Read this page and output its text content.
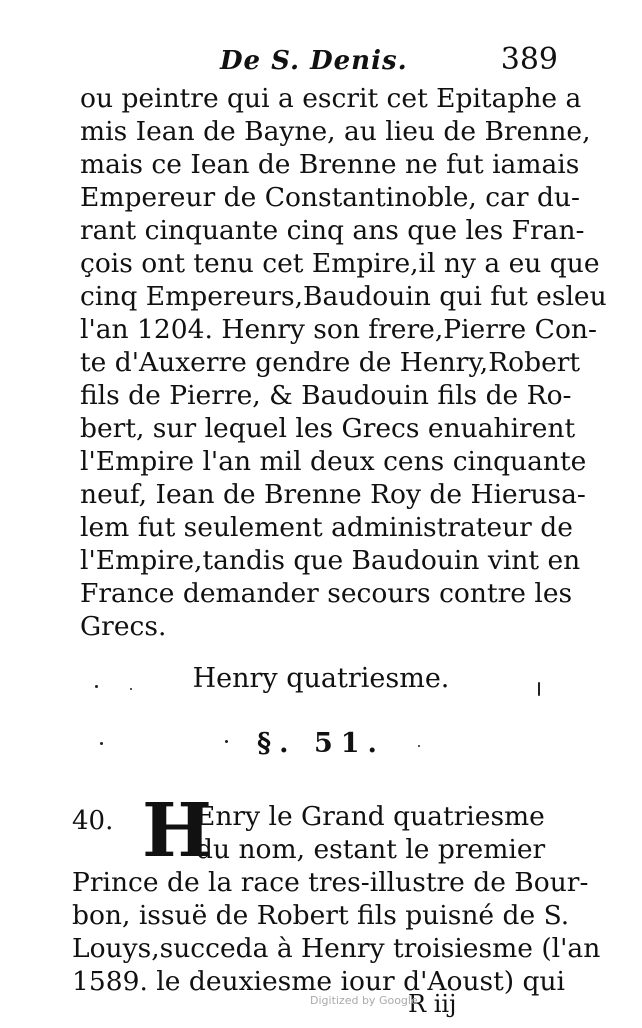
De S. Denis.	389
ou peintre qui a escrit cet Epitaphe a
mis Iean de Bayne, au lieu de Brenne,
mais ce Iean de Brenne ne fut iamais
Empereur de Constantinoble, car du-
rant cinquante cinq ans que les Fran-
çois ont tenu cet Empire,il ny a eu que
cinq Empereurs,Baudouin qui fut esleu
l'an 1204. Henry son frere,Pierre Con-
te d'Auxerre gendre de Henry,Robert
fils de Pierre, & Baudouin fils de Ro-
bert, sur lequel les Grecs enuahirent
l'Empire l'an mil deux cens cinquante
neuf, Iean de Brenne Roy de Hierusa-
lem fut seulement administrateur de
l'Empire,tandis que Baudouin vint en
France demander secours contre les
Grecs.
Henry quatriesme.
§. 51.
40. H
Enry le Grand quatriesme
du nom, estant le premier
Prince de la race tres-illustre de Bour-
bon, issuë de Robert fils puisné de S.
Louys,succeda à Henry troisiesme (l'an
1589. le deuxiesme iour d'Aoust) qui
R iij
Digitized by Google
